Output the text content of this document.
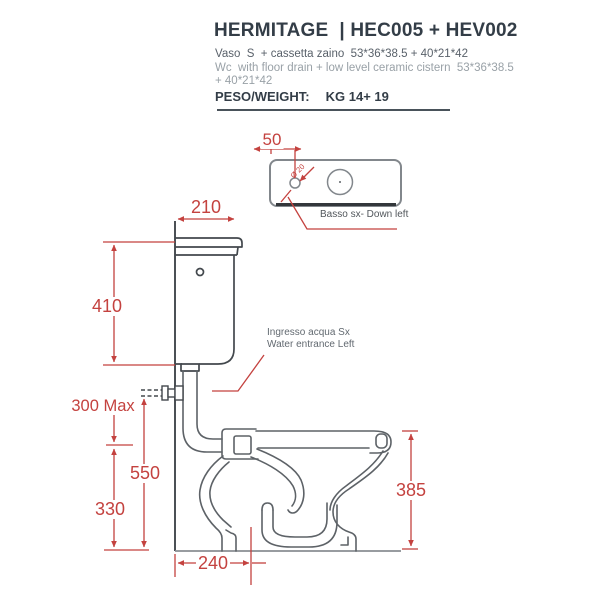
HERMITAGE  | HEC005 + HEV002
Vaso  S  + cassetta zaino  53*36*38.5 + 40*21*42
Wc  with floor drain + low level ceramic cistern  53*36*38.5
+ 40*21*42
PESO/WEIGHT: KG 14+ 19
50
Ø 20
Basso sx- Down left
210
410
300 Max
550
330
385
240
Ingresso acqua Sx
Water entrance Left
